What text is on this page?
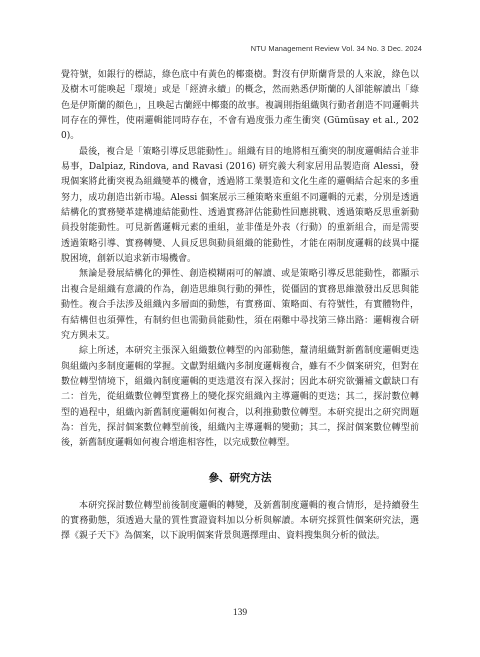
NTU Management Review Vol. 34 No. 3 Dec. 2024

覺符號，如銀行的標誌，綠色底中有黃色的椰棗樹。對沒有伊斯蘭背景的人來說，綠色以及樹木可能喚起「環境」或是「經濟永續」的概念，然而熟悉伊斯蘭的人卻能解讀出「綠色是伊斯蘭的顏色」，且喚起古蘭經中椰棗的故事。複調則指組織與行動者創造不同邏輯共同存在的彈性，使兩邏輯能同時存在，不會有過度張力產生衝突 (Gümüsay et al., 2020)。

最後，複合是「策略引導反思能動性」。組織有目的地將相互衝突的制度邏輯結合並非易事，Dalpiaz, Rindova, and Ravasi (2016) 研究義大利家居用品製造商 Alessi，發現個案將此衝突視為組織變革的機會，透過將工業製造和文化生產的邏輯結合起來的多重努力，成功創造出新市場。Alessi 個案展示三種策略來重組不同邏輯的元素，分別是透過結構化的實務變革建構連結能動性、透過實務評估能動性回應挑戰、透過策略反思重新動員投射能動性。可見新舊邏輯元素的重組，並非僅是外表（行動）的重新組合，而是需要透過策略引導、實務轉變、人員反思與動員組織的能動性，才能在兩制度邏輯的歧異中擺脫困境，創新以追求新市場機會。

無論是發展結構化的彈性、創造模糊兩可的解讀、或是策略引導反思能動性，都顯示出複合是組織有意識的作為，創造思維與行動的彈性，從僵固的實務思維激發出反思與能動性。複合手法涉及組織內多層面的動態，有實務面、策略面、有符號性，有實體物件，有結構但也須彈性，有制約但也需動員能動性，須在兩難中尋找第三條出路：邏輯複合研究方興未艾。

綜上所述，本研究主張深入組織數位轉型的內部動態，釐清組織對新舊制度邏輯更迭與組織內多制度邏輯的掌握。文獻對組織內多制度邏輯複合，雖有不少個案研究，但對在數位轉型情境下，組織內制度邏輯的更迭還沒有深入探討；因此本研究欲彌補文獻缺口有二：首先，從組織數位轉型實務上的變化探究組織內主導邏輯的更迭；其二，探討數位轉型的過程中，組織內新舊制度邏輯如何複合，以利推動數位轉型。本研究提出之研究問題為：首先，探討個案數位轉型前後，組織內主導邏輯的變動；其二，探討個案數位轉型前後，新舊制度邏輯如何複合增進相容性，以完成數位轉型。

參、研究方法

本研究探討數位轉型前後制度邏輯的轉變，及新舊制度邏輯的複合情形，是持續發生的實務動態，須透過大量的質性實證資料加以分析與解讀。本研究採質性個案研究法，選擇《親子天下》為個案，以下說明個案背景與選擇理由、資料搜集與分析的做法。

139
